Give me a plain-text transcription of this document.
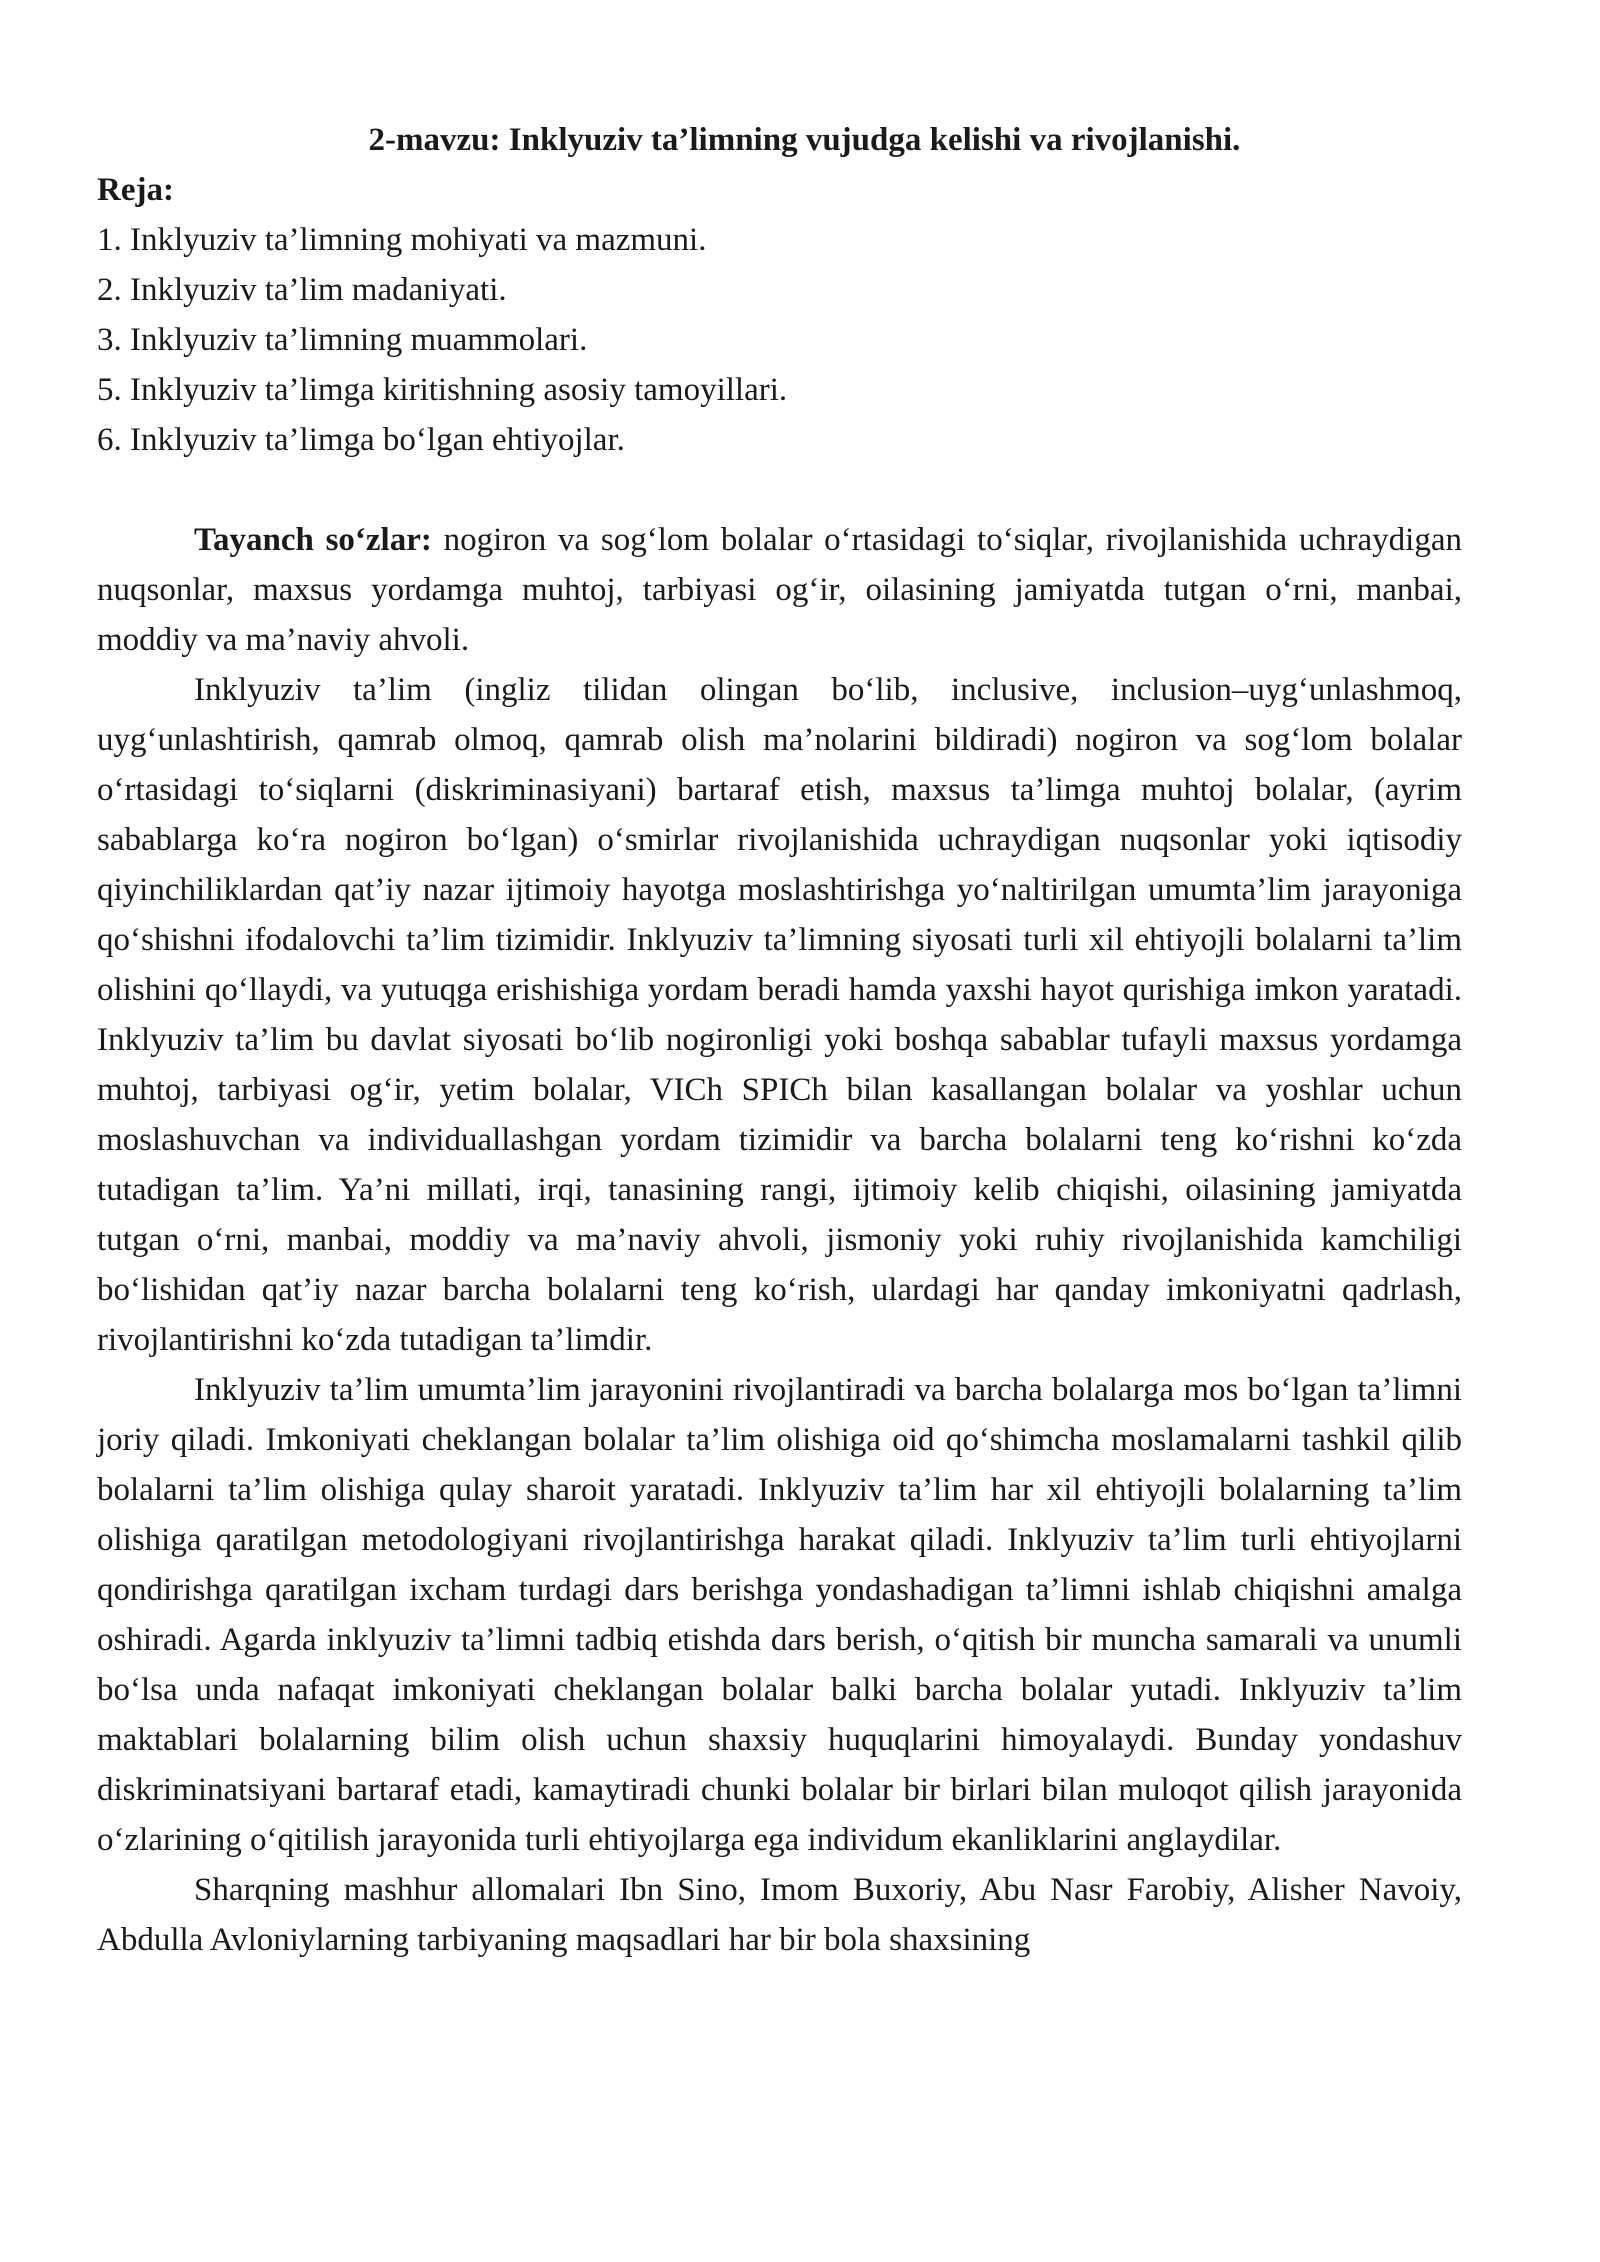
2-mavzu: Inklyuziv ta’limning vujudga kelishi va rivojlanishi.
Reja:
1. Inklyuziv ta’limning mohiyati va mazmuni.
2. Inklyuziv ta’lim madaniyati.
3. Inklyuziv ta’limning muammolari.
5. Inklyuziv ta’limga kiritishning asosiy tamoyillari.
6. Inklyuziv ta’limga bo‘lgan ehtiyojlar.

Tayanch so‘zlar: nogiron va sog‘lom bolalar o‘rtasidagi to‘siqlar, rivojlanishida uchraydigan nuqsonlar, maxsus yordamga muhtoj, tarbiyasi og‘ir, oilasining jamiyatda tutgan o‘rni, manbai, moddiy va ma’naviy ahvoli.

Inklyuziv ta’lim (ingliz tilidan olingan bo‘lib, inclusive, inclusion–uyg‘unlashmoq, uyg‘unlashtirish, qamrab olmoq, qamrab olish ma’nolarini bildiradi) nogiron va sog‘lom bolalar o‘rtasidagi to‘siqlarni (diskriminasiyani) bartaraf etish, maxsus ta’limga muhtoj bolalar, (ayrim sabablarga ko‘ra nogiron bo‘lgan) o‘smirlar rivojlanishida uchraydigan nuqsonlar yoki iqtisodiy qiyinchiliklardan qat’iy nazar ijtimoiy hayotga moslashtirishga yo‘naltirilgan umumta’lim jarayoniga qo‘shishni ifodalovchi ta’lim tizimidir. Inklyuziv ta’limning siyosati turli xil ehtiyojli bolalarni ta’lim olishini qo‘llaydi, va yutuqga erishishiga yordam beradi hamda yaxshi hayot qurishiga imkon yaratadi. Inklyuziv ta’lim bu davlat siyosati bo‘lib nogironligi yoki boshqa sabablar tufayli maxsus yordamga muhtoj, tarbiyasi og‘ir, yetim bolalar, VICh SPICh bilan kasallangan bolalar va yoshlar uchun moslashuvchan va individuallashgan yordam tizimidir va barcha bolalarni teng ko‘rishni ko‘zda tutadigan ta’lim. Ya’ni millati, irqi, tanasining rangi, ijtimoiy kelib chiqishi, oilasining jamiyatda tutgan o‘rni, manbai, moddiy va ma’naviy ahvoli, jismoniy yoki ruhiy rivojlanishida kamchiligi bo‘lishidan qat’iy nazar barcha bolalarni teng ko‘rish, ulardagi har qanday imkoniyatni qadrlash, rivojlantirishni ko‘zda tutadigan ta’limdir.

Inklyuziv ta’lim umumta’lim jarayonini rivojlantiradi va barcha bolalarga mos bo‘lgan ta’limni joriy qiladi. Imkoniyati cheklangan bolalar ta’lim olishiga oid qo‘shimcha moslamalarni tashkil qilib bolalarni ta’lim olishiga qulay sharoit yaratadi. Inklyuziv ta’lim har xil ehtiyojli bolalarning ta’lim olishiga qaratilgan metodologiyani rivojlantirishga harakat qiladi. Inklyuziv ta’lim turli ehtiyojlarni qondirishga qaratilgan ixcham turdagi dars berishga yondashadigan ta’limni ishlab chiqishni amalga oshiradi. Agarda inklyuziv ta’limni tadbiq etishda dars berish, o‘qitish bir muncha samarali va unumli bo‘lsa unda nafaqat imkoniyati cheklangan bolalar balki barcha bolalar yutadi. Inklyuziv ta’lim maktablari bolalarning bilim olish uchun shaxsiy huquqlarini himoyalaydi. Bunday yondashuv diskriminatsiyani bartaraf etadi, kamaytiradi chunki bolalar bir birlari bilan muloqot qilish jarayonida o‘zlarining o‘qitilish jarayonida turli ehtiyojlarga ega individum ekanliklarini anglaydilar.

Sharqning mashhur allomalari Ibn Sino, Imom Buxoriy, Abu Nasr Farobiy, Alisher Navoiy, Abdulla Avloniylarning tarbiyaning maqsadlari har bir bola shaxsining
